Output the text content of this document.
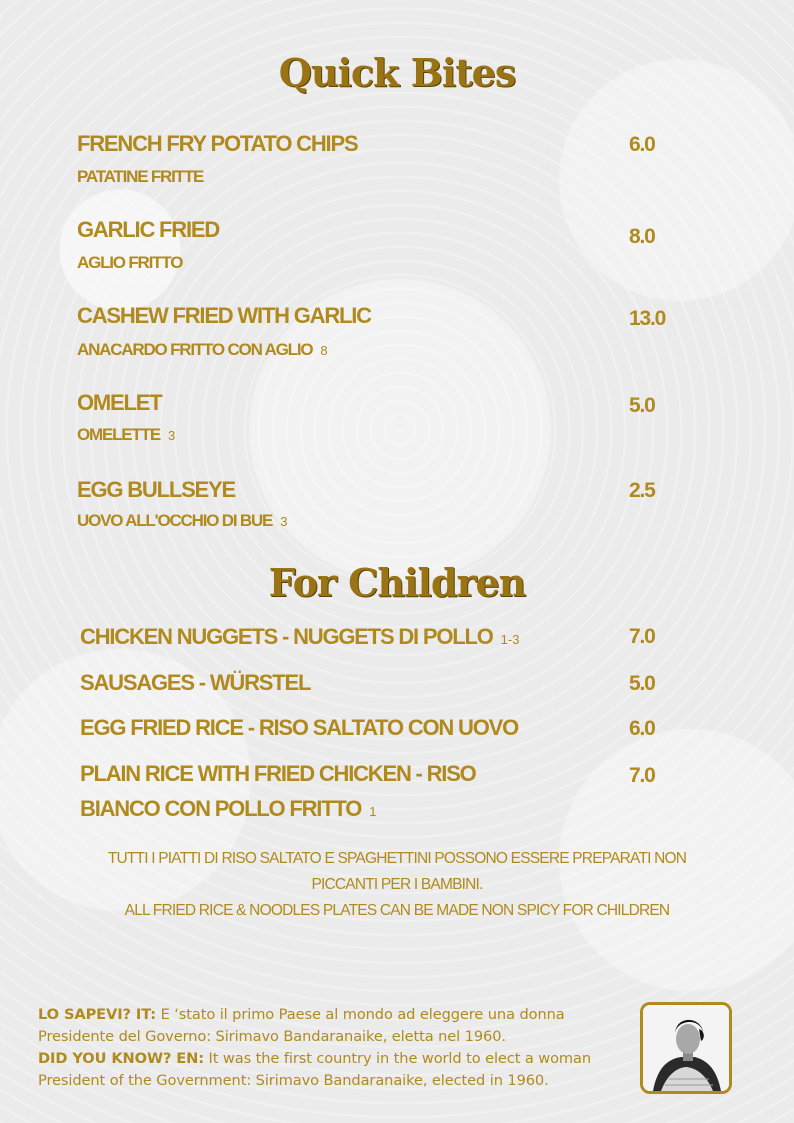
Quick Bites
FRENCH FRY POTATO CHIPS
PATATINE FRITTE
6.0
GARLIC FRIED
AGLIO FRITTO
8.0
CASHEW FRIED WITH GARLIC
ANACARDO FRITTO CON AGLIO 8
13.0
OMELET
OMELETTE 3
5.0
EGG BULLSEYE
UOVO ALL'OCCHIO DI BUE 3
2.5
For Children
CHICKEN NUGGETS - NUGGETS DI POLLO 1-3	7.0
SAUSAGES - WÜRSTEL	5.0
EGG FRIED RICE - RISO SALTATO CON UOVO	6.0
PLAIN RICE WITH FRIED CHICKEN - RISO
BIANCO CON POLLO FRITTO 1
7.0
TUTTI I PIATTI DI RISO SALTATO E SPAGHETTINI POSSONO ESSERE PREPARATI NON
PICCANTI PER I BAMBINI.
ALL FRIED RICE & NOODLES PLATES CAN BE MADE NON SPICY FOR CHILDREN
LO SAPEVI? IT: E ‘stato il primo Paese al mondo ad eleggere una donna
Presidente del Governo: Sirimavo Bandaranaike, eletta nel 1960.
DID YOU KNOW? EN: It was the first country in the world to elect a woman
President of the Government: Sirimavo Bandaranaike, elected in 1960.
